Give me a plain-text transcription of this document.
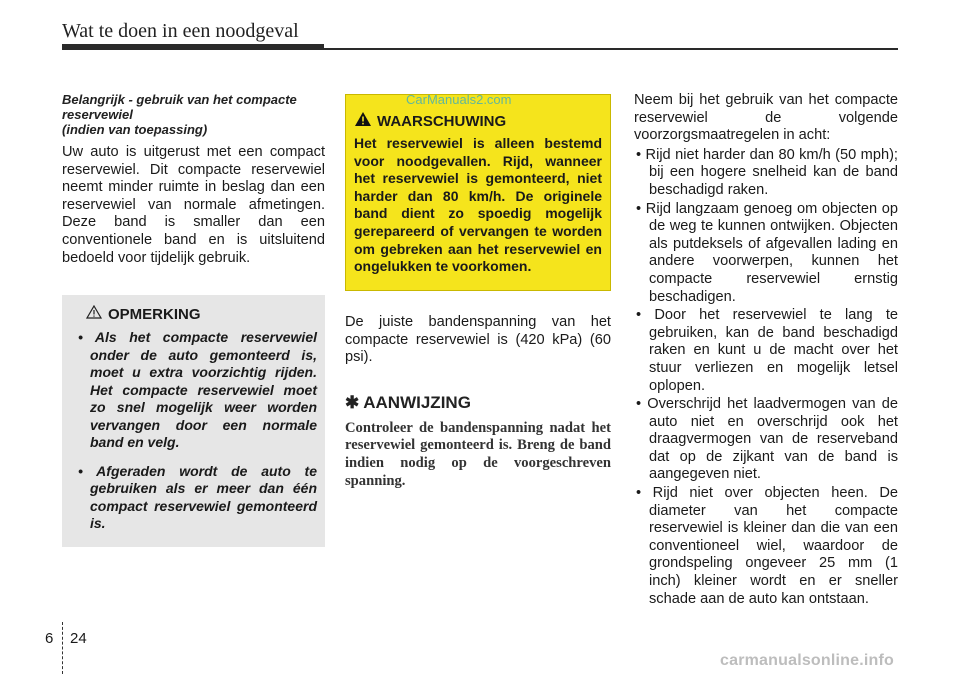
Wat te doen in een noodgeval
Belangrijk - gebruik van het compacte reservewiel
(indien van toepassing)
Uw auto is uitgerust met een compact reservewiel. Dit compacte reservewiel neemt minder ruimte in beslag dan een reservewiel van normale afmetingen. Deze band is smaller dan een conventionele band en is uitsluitend bedoeld voor tijdelijk gebruik.
OPMERKING
• Als het compacte reservewiel onder de auto gemonteerd is, moet u extra voorzichtig rijden. Het compacte reservewiel moet zo snel mogelijk weer worden vervangen door een normale band en velg.
• Afgeraden wordt de auto te gebruiken als er meer dan één compact reservewiel gemonteerd is.
WAARSCHUWING
Het reservewiel is alleen bestemd voor noodgevallen. Rijd, wanneer het reservewiel is gemonteerd, niet harder dan 80 km/h. De originele band dient zo spoedig mogelijk gerepareerd of vervangen te worden om gebreken aan het reservewiel en ongelukken te voorkomen.
CarManuals2.com
De juiste bandenspanning van het compacte reservewiel is (420 kPa) (60 psi).
✱ AANWIJZING
Controleer de bandenspanning nadat het reservewiel gemonteerd is. Breng de band indien nodig op de voorgeschreven spanning.
Neem bij het gebruik van het compacte reservewiel de volgende voorzorgsmaatregelen in acht:
• Rijd niet harder dan 80 km/h (50 mph); bij een hogere snelheid kan de band beschadigd raken.
• Rijd langzaam genoeg om objecten op de weg te kunnen ontwijken. Objecten als putdeksels of afgevallen lading en andere voorwerpen, kunnen het compacte reservewiel ernstig beschadigen.
• Door het reservewiel te lang te gebruiken, kan de band beschadigd raken en kunt u de macht over het stuur verliezen en mogelijk letsel oplopen.
• Overschrijd het laadvermogen van de auto niet en overschrijd ook het draagvermogen van de reserveband dat op de zijkant van de band is aangegeven niet.
• Rijd niet over objecten heen. De diameter van het compacte reservewiel is kleiner dan die van een conventioneel wiel, waardoor de grondspeling ongeveer 25 mm (1 inch) kleiner wordt en er sneller schade aan de auto kan ontstaan.
6 24
carmanualsonline.info
